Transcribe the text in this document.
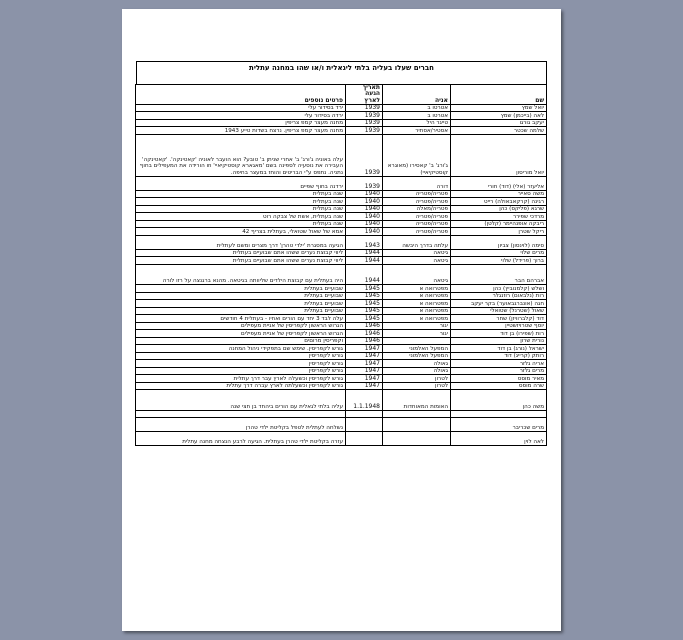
חברים שעלו בעליה בלתי ליגאלית ו/או שהו במחנה עתלית
שם	אניה	תאריך הגעה לארץ	פרטים נוספים
יואל שמץ	אטרטו ב	1939	ירד בסידור עלי
לאה (בייכמן) שמץ	אטרטו ב	1939	ירדה בסידור עלי
יעקב גורגו	טייגר היל	1939	מחנה מעצר קמפ צריפין
שלמה שכטר	אסטיר/אסתיר	1939	מחנה מעצר קמפ צריפין. נרצח בשדות טייע 1943
יואל מוריסון	ג'ורג' ב' קאסירו (מאוגרא קוסטיקיאיי)	1939	עלה באוניה ג'ורג' ב' אחרי שניתן ב' טובע? הוא הועבר לאוניה 'קאטינקה'. 'קאטינקה' העבירה את נוסעיה לספינה בשם 'מאגארא קוסטיקיאיי' וזו הורידה את המעפילים בחוף נתניה. נתפס ע"י הבריטים והוחז במעצר בחיפה.
אליעזר (אלי) (דוד) חורי	דורה	1939	ירדנה בחוף שפיים
משה סאייר	פטריה/פטריה	1940	שנה בעתלית
רגינה (קרקאבאולה) רייט	פטריה/פטריה	1940	שנה בעתלית
שרגא (פליקס) כהן	פטריה/מאלה	1940	שנה בעתלית
מרדכי שפירר	פטריה/פטריה	1940	שנה בעתלית, אשת של צבקה רוט
ריבקה אופנהיימר (קלטן)	פטריה/פטריה	1940	שנה בעתלית
ריקל שטרן	פטריה/פטריה	1940	אמא של שאול שטואלי, בעתלית בצריף 42
סימה (לוינסון) צביון	עלתה בדרך היבשה	1943	הגיעה במסגרת 'ילדי טהרן' דרך מצרים ומשם לעתלית
מרים שלוי	גיטאה	1944	ליווי קבוצת נערים ששהו אתם שבועיים בעתלית
ברוך (פרידל) שלוי	גיטאה	1944	ליווי קבוצת נערים ששהו אתם שבועיים בעתלית
אברהם הבר	גיטאה	1944	היה בעתלית עם קבוצת הילדים שליוותה בגיטאה. מהנא ברגנצה על רזו לורה
ושלש (קלמנוביץ) כהן	מפטרואה א	1945	שבועיים בעתלית
רות (נלבאום) רוזנגלר	מפטרואה א	1945	שבועיים בעתלית
חגה (אונברגבאוער) בקר יעקב	מפטרואה א	1945	שבועיים בעתלית
שאול (שטרנל) שטואלי	מפטרואה א	1945	שבועיים בעתלית
דוד (קלברוויזן) שחר	מפטרואה א	1945	עלה לבד 3 יחד עם הורים ואחיו - בעתלית 4 חודשים
יוסף שטרויזשטיין	יגור	1946	הגרוש הראשון לקפריסין של אניית מעפילים
רות (שפירו) בן דוד	יגור	1946	הגרוש הראשון לקפריסין של אניית מעפילים
נורית שרון		1946	וקפריסין מרוםים
ישראל (נורג) בן דוד	המפעל האלמוני	1947	גורש לקפריסין. שימש שם בתפקידי ניהול המחנה
רותק (קרייג) דוד	המפעל האלמוני	1947	גורש לקפריסין
אריה גלזר	גאולה	1947	גורש לקפריסין
מרים גלזר	גאולה	1947	גורש לקפריסין
מאיר מוסס	לטרון	1947	גורש לקפריסין וכשעלה לארץ עבר דרך עתלית
שרה מוסס	לטרון	1947	גורש לקפריסין וכשעלתה לארץ עברה דרך עתלית
משה כהן	האומות המאוחדות	1.1.1948	עליה בלתי לגאלית עם הורים ביהחד בן חצי שנה

מרים שכריבר			נשלחה לעתלית לטפל בקליטת ילדי טהרן
לאה לוין			עזרה בקליטת ילדי טהרן בעתלית. הגיעה לרבע הנצחה מחנה עתלית
